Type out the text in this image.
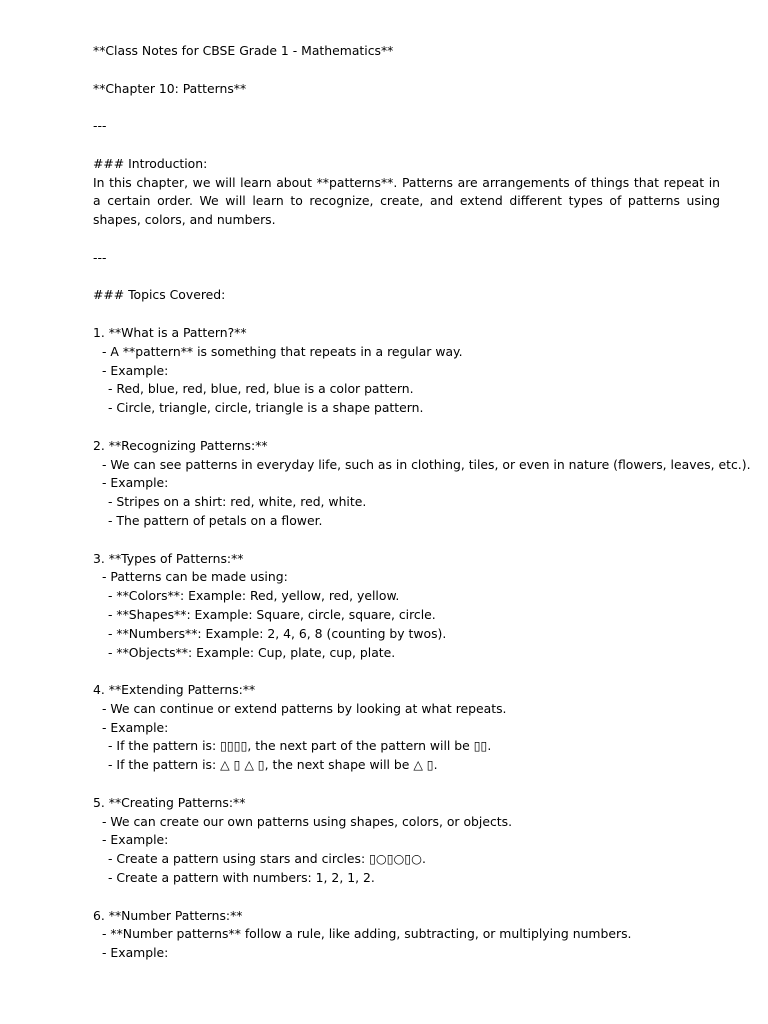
**Class Notes for CBSE Grade 1 - Mathematics**
**Chapter 10: Patterns**
---
### Introduction:
In this chapter, we will learn about **patterns**. Patterns are arrangements of things that repeat in a certain order. We will learn to recognize, create, and extend different types of patterns using shapes, colors, and numbers.
---
### Topics Covered:
1. **What is a Pattern?**
- A **pattern** is something that repeats in a regular way.
- Example:
- Red, blue, red, blue, red, blue is a color pattern.
- Circle, triangle, circle, triangle is a shape pattern.
2. **Recognizing Patterns:**
- We can see patterns in everyday life, such as in clothing, tiles, or even in nature (flowers, leaves, etc.).
- Example:
- Stripes on a shirt: red, white, red, white.
- The pattern of petals on a flower.
3. **Types of Patterns:**
- Patterns can be made using:
- **Colors**: Example: Red, yellow, red, yellow.
- **Shapes**: Example: Square, circle, square, circle.
- **Numbers**: Example: 2, 4, 6, 8 (counting by twos).
- **Objects**: Example: Cup, plate, cup, plate.
4. **Extending Patterns:**
- We can continue or extend patterns by looking at what repeats.
- Example:
- If the pattern is: ▯▯▯▯, the next part of the pattern will be ▯▯.
- If the pattern is: △ ▯ △ ▯, the next shape will be △ ▯.
5. **Creating Patterns:**
- We can create our own patterns using shapes, colors, or objects.
- Example:
- Create a pattern using stars and circles: ▯○▯○▯○.
- Create a pattern with numbers: 1, 2, 1, 2.
6. **Number Patterns:**
- **Number patterns** follow a rule, like adding, subtracting, or multiplying numbers.
- Example:
